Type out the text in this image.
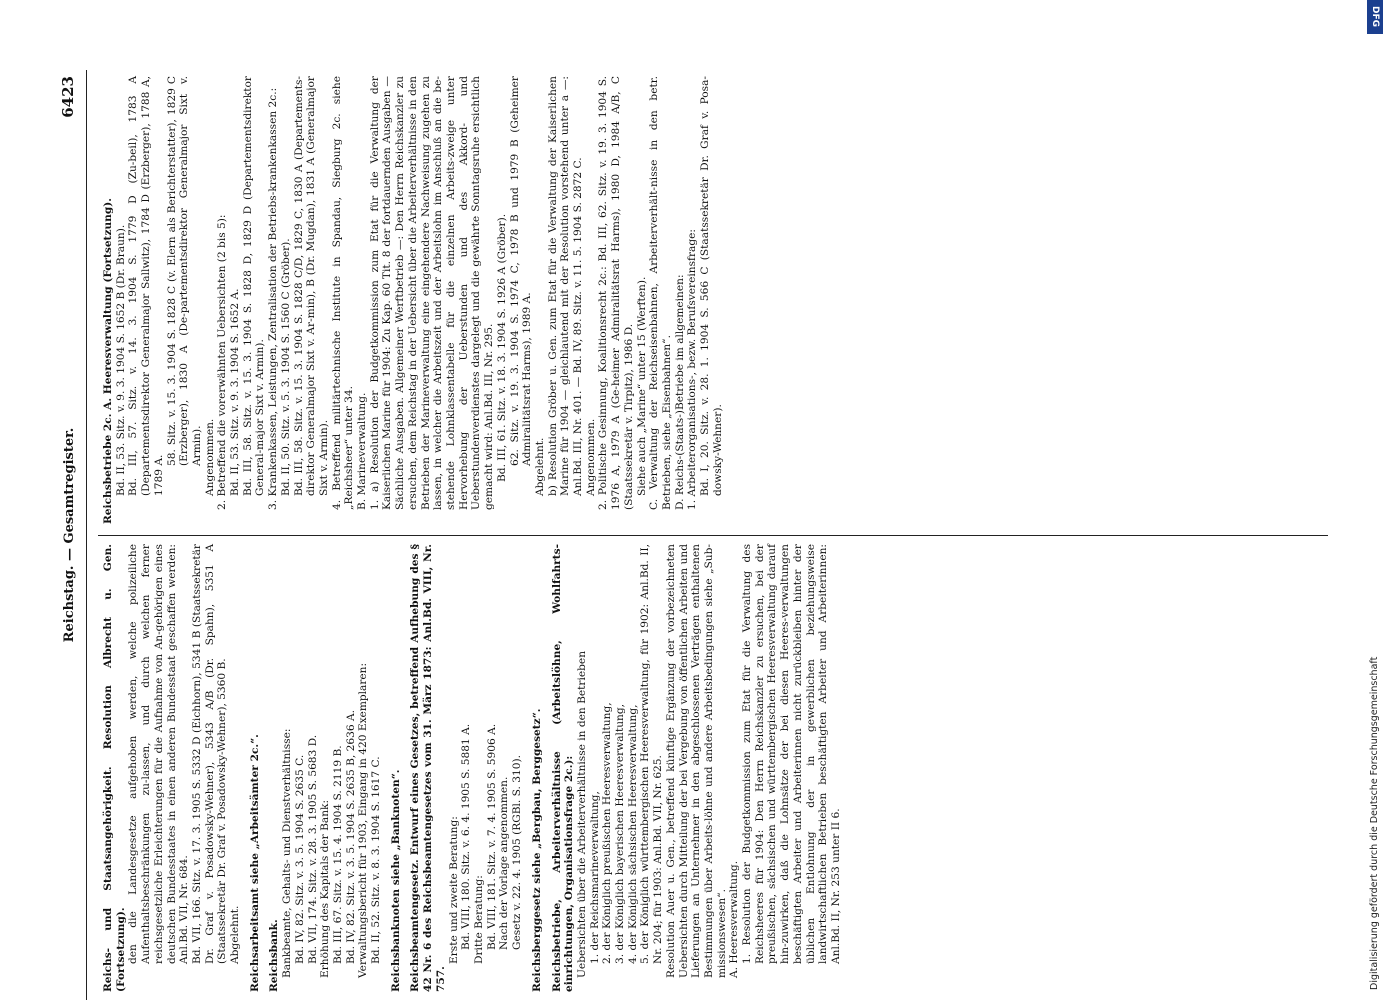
Reichstag. — Gesamtregister.
6423

Reichs- und Staatsangehörigkeit. Resolution Albrecht u. Gen. (Fortsetzung). den die Landesgesetze aufgehoben werden, welche polizeiliche Aufenthaltsbeschränkungen zu-lassen, und durch welchen ferner reichsgesetzliche Erleichterungen für die Aufnahme von An-gehörigen eines deutschen Bundesstaates in einen anderen Bundesstaat geschaffen werden: Anl.Bd. VII, Nr. 684. Bd. VII, 166. Sitz. v. 17. 3. 1905 S. 5332 D (Eichhorn), 5341 B (Staatssekretär Dr. Graf v. Posadowsky-Wehner), 5343 A/B (Dr. Spahn), 5351 A (Staatssekretär Dr. Graf v. Posadowsky-Wehner), 5360 B. Abgelehnt. Reichsarbeitsamt siehe „Arbeitsämter 2c.“. Reichsbank. Bankbeamte, Gehalts- und Dienstverhältnisse: Bd. IV, 82. Sitz. v. 3. 5. 1904 S. 2635 C. Bd. VII, 174. Sitz. v. 28. 3. 1905 S. 5683 D. Erhöhung des Kapitals der Bank: Bd. III, 67. Sitz. v. 15. 4. 1904 S. 2119 B. Bd. IV, 82. Sitz. v. 3. 5. 1904 S. 2635 B, 2636 A. Verwaltungsbericht für 1903, Eingang in 420 Exemplaren: Bd. II, 52. Sitz. v. 8. 3. 1904 S. 1617 C. Reichsbanknoten siehe „Banknoten“. Reichsbeamtengesetz. Entwurf eines Gesetzes, betreffend Aufhebung des § 42 Nr. 6 des Reichsbeamtengesetzes vom 31. März 1873: Anl.Bd. VIII, Nr. 757.

Erste und zweite Beratung: Bd. VIII, 180. Sitz. v. 6. 4. 1905 S. 5881 A. Dritte Beratung: Bd. VIII, 181. Sitz. v. 7. 4. 1905 S. 5906 A. Nach der Vorlage angenommen. Gesetz v. 22. 4. 1905 (RGBl. S. 310). Reichsberggesetz siehe „Bergbau, Berggesetz“. Reichsbetriebe, Arbeiterverhältnisse (Arbeitslöhne, Wohlfahrts-einrichtungen, Organisationsfrage 2c.): Uebersichten über die Arbeiterverhältnisse in den Betrieben 1. der Reichsmarineverwaltung, 2. der Königlich preußischen Heeresverwaltung, 3. der Königlich bayerischen Heeresverwaltung, 4. der Königlich sächsischen Heeresverwaltung, 5. der Königlich württembergischen Heeresverwaltung, für 1902: Anl.Bd. II, Nr. 204; für 1903: Anl.Bd. VII, Nr. 625. Resolution Auer u. Gen., betreffend künftige Ergänzung der vorbezeichneten Uebersichten durch Mitteilung der bei Vergebung von öffentlichen Arbeiten und Lieferungen an Unternehmer in den abgeschlossenen Verträgen enthaltenen Bestimmungen über Arbeits-löhne und andere Arbeitsbedingungen siehe „Sub-missionswesen“. A. Heeresverwaltung. 1. Resolution der Budgetkommission zum Etat für die Verwaltung des Reichsheeres für 1904: Den Herrn Reichskanzler zu ersuchen, bei der preußischen, sächsischen und württembergischen Heeresverwaltung darauf hin-zuwirken, daß die Lohnsätze der bei diesen Heeres-verwaltungen beschäftigten Arbeiter und Arbeiterinnen nicht zurückbleiben hinter der üblichen Entlohnung der in gewerblichen beziehungsweise landwirtschaftlichen Betrieben beschäftigten Arbeiter und Arbeiterinnen: Anl.Bd. II, Nr. 253 unter II 6.

Reichsbetriebe 2c. A. Heeresverwaltung (Fortsetzung). Bd. II, 53. Sitz. v. 9. 3. 1904 S. 1652 B (Dr. Braun). Bd. III, 57. Sitz. v. 14. 3. 1904 S. 1779 D (Zu-beil), 1783 A (Departementsdirektor Generalmajor Sallwitz), 1784 D (Erzberger), 1788 A, 1789 A.

58. Sitz. v. 15. 3. 1904 S. 1828 C (v. Elern als Berichterstatter), 1829 C (Erzberger), 1830 A (De-partementsdirektor Generalmajor Sixt v. Armin). Angenommen. 2. Betreffend die vorerwähnten Uebersichten (2 bis 5): Bd. II, 53. Sitz. v. 9. 3. 1904 S. 1652 A. Bd. III, 58. Sitz. v. 15. 3. 1904 S. 1828 D, 1829 D (Departementsdirektor General-major Sixt v. Armin). 3. Krankenkassen, Leistungen, Zentralisation der Betriebs-krankenkassen 2c.: Bd. II, 50. Sitz. v. 5. 3. 1904 S. 1560 C (Gröber). Bd. III, 58. Sitz. v. 15. 3. 1904 S. 1828 C/D, 1829 C, 1830 A (Departements-direktor Generalmajor Sixt v. Ar-min), B (Dr. Mugdan), 1831 A (Generalmajor Sixt v. Armin). 4. Betreffend militärtechnische Institute in Spandau, Siegburg 2c. siehe „Reichsheer“ unter 34. B. Marineverwaltung. 1. a) Resolution der Budgetkommission zum Etat für die Verwaltung der Kaiserlichen Marine für 1904: Zu Kap. 60 Tit. 8 der fortdauernden Ausgaben — Sächliche Ausgaben. Allgemeiner Werftbetrieb —: Den Herrn Reichskanzler zu ersuchen, dem Reichstag in der Uebersicht über die Arbeiterverhältnisse in den Betrieben der Marineverwaltung eine eingehendere Nachweisung zugehen zu lassen, in welcher die Arbeitszeit und der Arbeitslohn im Anschluß an die be-stehende Lohnklassentabelle für die einzelnen Arbeits-zweige unter Hervorhebung der Ueberstunden und des Akkord- und Ueberstundenverdienstes dargelegt und die gewährte Sonntagsruhe ersichtlich gemacht wird: Anl.Bd. III, Nr. 295. Bd. III, 61. Sitz. v. 18. 3. 1904 S. 1926 A (Gröber). 62. Sitz. v. 19. 3. 1904 S. 1974 C, 1978 B und 1979 B (Geheimer Admiralitätsrat Harms), 1989 A.

Abgelehnt. b) Resolution Gröber u. Gen. zum Etat für die Verwaltung der Kaiserlichen Marine für 1904 — gleichlautend mit der Resolution vorstehend unter a —: Anl.Bd. III, Nr. 401. — Bd. IV, 89. Sitz. v. 11. 5. 1904 S. 2872 C. Angenommen. 2. Politische Gesinnung, Koalitionsrecht 2c.: Bd. III, 62. Sitz. v. 19. 3. 1904 S. 1976 A, 1979 A (Ge-heimer Admiralitätsrat Harms), 1980 D, 1984 A/B, C (Staatssekretär v. Tirpitz), 1986 D. Siehe auch „Marine“ unter 15 (Werften). C. Verwaltung der Reichseisenbahnen, Arbeiterverhält-nisse in den betr. Betrieben, siehe „Eisenbahnen“. D. Reichs-(Staats-)Betriebe im allgemeinen: 1. Arbeiterorganisations-, bezw. Berufsvereinsfrage: Bd. I, 20. Sitz. v. 28. 1. 1904 S. 566 C (Staatssekretär Dr. Graf v. Posa-dowsky-Wehner).

DFG
Digitalisierung gefördert durch die Deutsche Forschungsgemeinschaft
